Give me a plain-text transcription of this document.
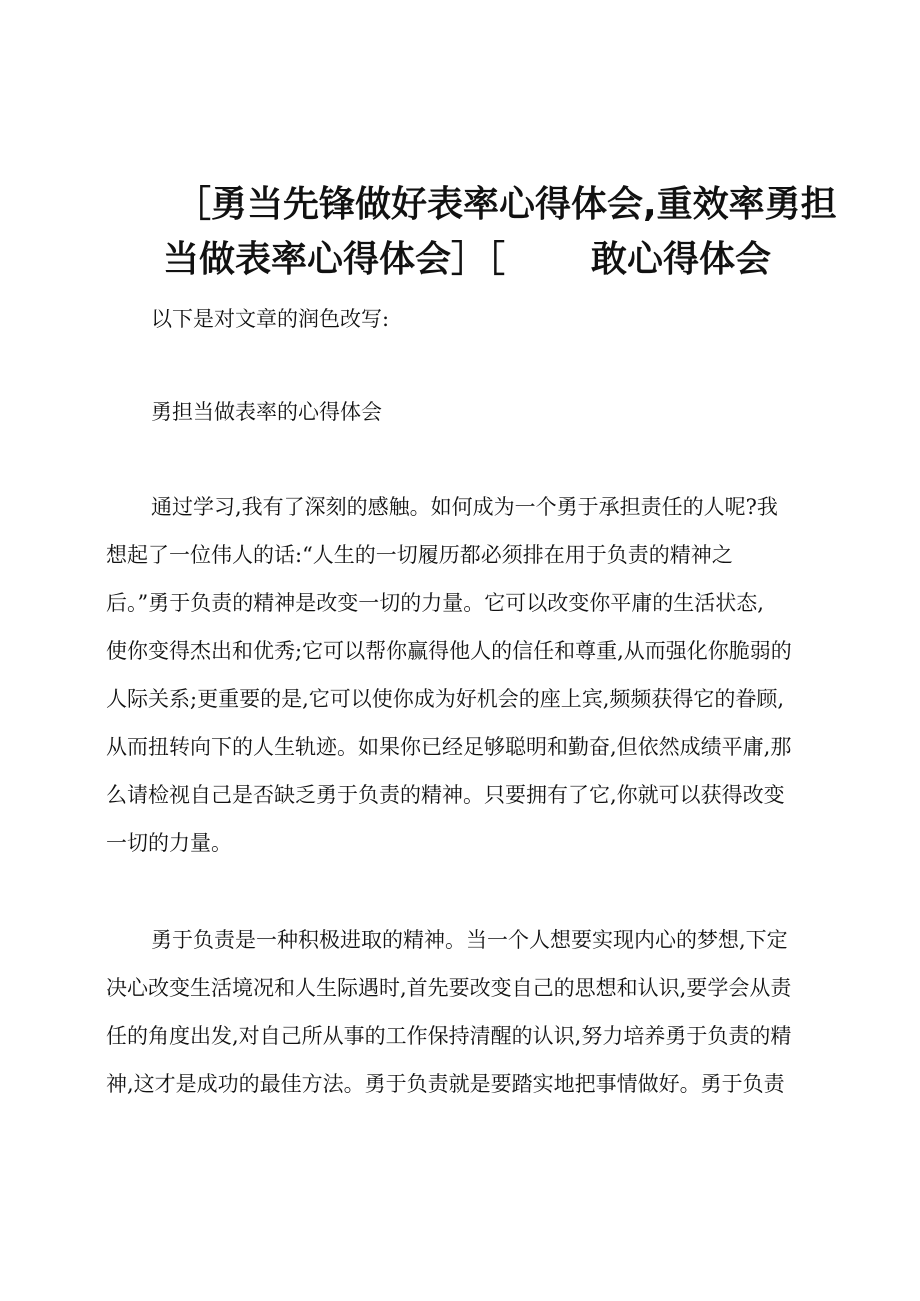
［勇当先锋做好表率心得体会,重效率勇担
当做表率心得体会］［ 敢心得体会
以下是对文章的润色改写:
勇担当做表率的心得体会
通过学习,我有了深刻的感触。如何成为一个勇于承担责任的人呢?我
想起了一位伟人的话:“人生的一切履历都必须排在用于负责的精神之
后。”勇于负责的精神是改变一切的力量。它可以改变你平庸的生活状态,
使你变得杰出和优秀;它可以帮你赢得他人的信任和尊重,从而强化你脆弱的
人际关系;更重要的是,它可以使你成为好机会的座上宾,频频获得它的眷顾,
从而扭转向下的人生轨迹。如果你已经足够聪明和勤奋,但依然成绩平庸,那
么请检视自己是否缺乏勇于负责的精神。只要拥有了它,你就可以获得改变
一切的力量。
勇于负责是一种积极进取的精神。当一个人想要实现内心的梦想,下定
决心改变生活境况和人生际遇时,首先要改变自己的思想和认识,要学会从责
任的角度出发,对自己所从事的工作保持清醒的认识,努力培养勇于负责的精
神,这才是成功的最佳方法。勇于负责就是要踏实地把事情做好。勇于负责
